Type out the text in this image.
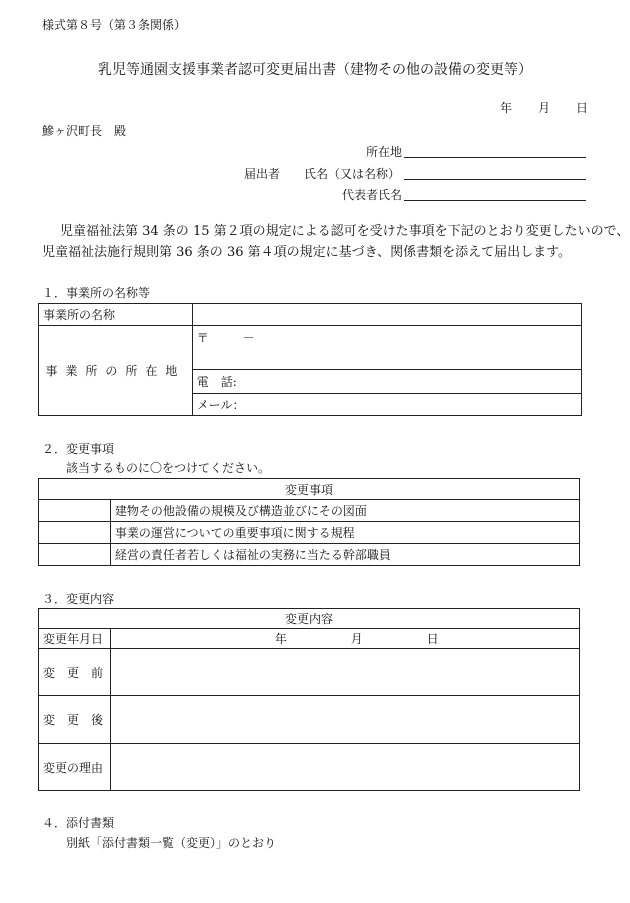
様式第８号（第３条関係）
乳児等通園支援事業者認可変更届出書（建物その他の設備の変更等）
年 月 日
鰺ヶ沢町長　殿
所在地
届出者 氏名（又は名称）
代表者氏名
児童福祉法第 34 条の 15 第２項の規定による認可を受けた事項を下記のとおり変更したいので、
児童福祉法施行規則第 36 条の 36 第４項の規定に基づき、関係書類を添えて届出します。
１．事業所の名称等
事業所の名称	
事業所の所在地	〒 －
	電　話:
	メール：
２．変更事項
該当するものに〇をつけてください。
変更事項	
	建物その他設備の規模及び構造並びにその図面
	事業の運営についての重要事項に関する規程
	経営の責任者若しくは福祉の実務に当たる幹部職員
３．変更内容
変更内容	
変更年月日	年 月 日
変　更　前	
変　更　後	
変更の理由	
４．添付書類
別紙「添付書類一覧（変更）」のとおり
